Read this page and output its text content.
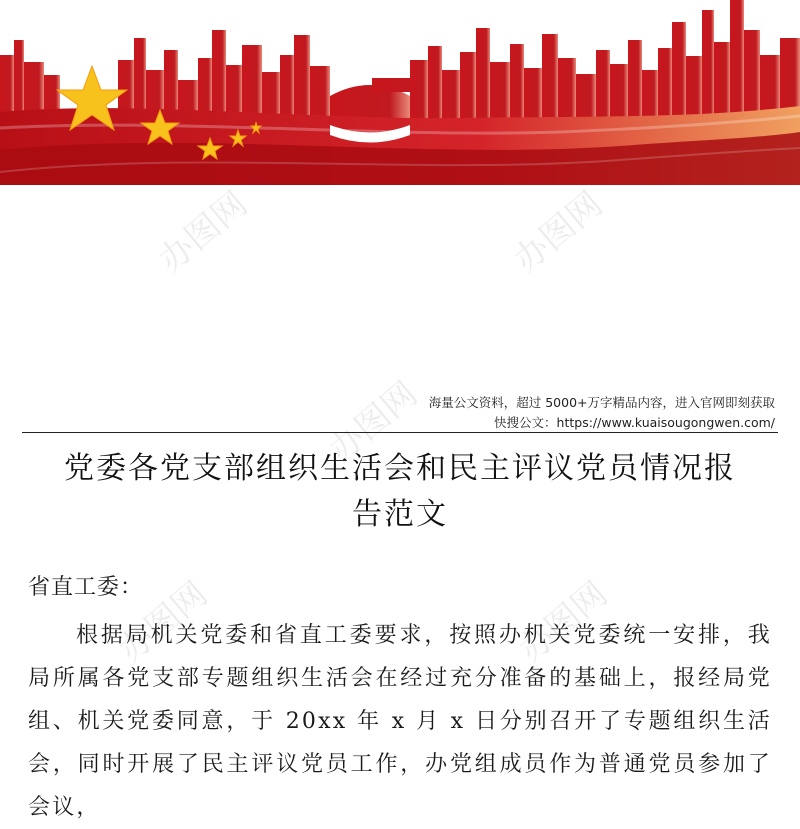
办图网	办图网
办图网
办图网	办图网
海量公文资料，超过 5000+万字精品内容，进入官网即刻获取
快搜公文：https://www.kuaisougongwen.com/
党委各党支部组织生活会和民主评议党员情况报
告范文
省直工委：
根据局机关党委和省直工委要求，按照办机关党委统一安排，我局所属各党支部专题组织生活会在经过充分准备的基础上，报经局党组、机关党委同意，于 20xx 年 x 月 x 日分别召开了专题组织生活会，同时开展了民主评议党员工作，办党组成员作为普通党员参加了会议，
